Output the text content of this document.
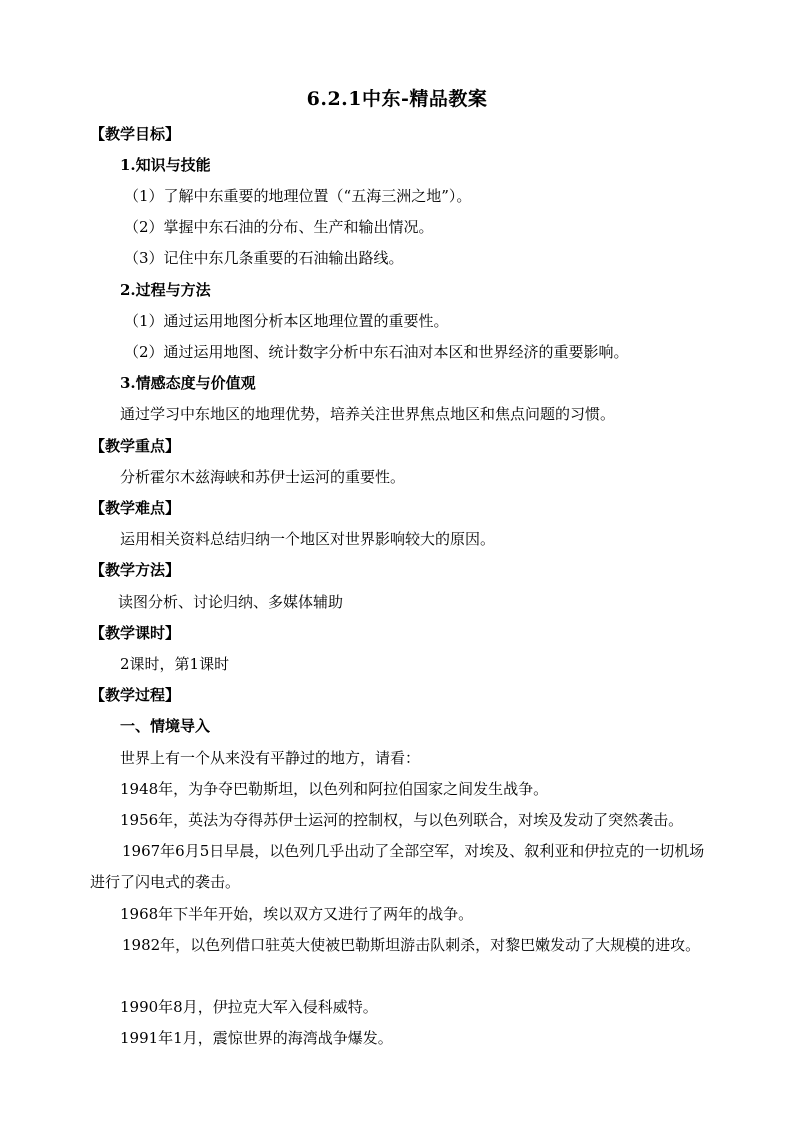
6.2.1中东-精品教案
【教学目标】
1.知识与技能
（1）了解中东重要的地理位置（“五海三洲之地”）。
（2）掌握中东石油的分布、生产和输出情况。
（3）记住中东几条重要的石油输出路线。
2.过程与方法
（1）通过运用地图分析本区地理位置的重要性。
（2）通过运用地图、统计数字分析中东石油对本区和世界经济的重要影响。
3.情感态度与价值观
通过学习中东地区的地理优势，培养关注世界焦点地区和焦点问题的习惯。
【教学重点】
分析霍尔木兹海峡和苏伊士运河的重要性。
【教学难点】
运用相关资料总结归纳一个地区对世界影响较大的原因。
【教学方法】
读图分析、讨论归纳、多媒体辅助
【教学课时】
2课时，第1课时
【教学过程】
一、情境导入
世界上有一个从来没有平静过的地方，请看：
1948年，为争夺巴勒斯坦，以色列和阿拉伯国家之间发生战争。
1956年，英法为夺得苏伊士运河的控制权，与以色列联合，对埃及发动了突然袭击。
1967年6月5日早晨，以色列几乎出动了全部空军，对埃及、叙利亚和伊拉克的一切机场进行了闪电式的袭击。
1968年下半年开始，埃以双方又进行了两年的战争。
1982年，以色列借口驻英大使被巴勒斯坦游击队刺杀，对黎巴嫩发动了大规模的进攻。
1990年8月，伊拉克大军入侵科威特。
1991年1月，震惊世界的海湾战争爆发。
